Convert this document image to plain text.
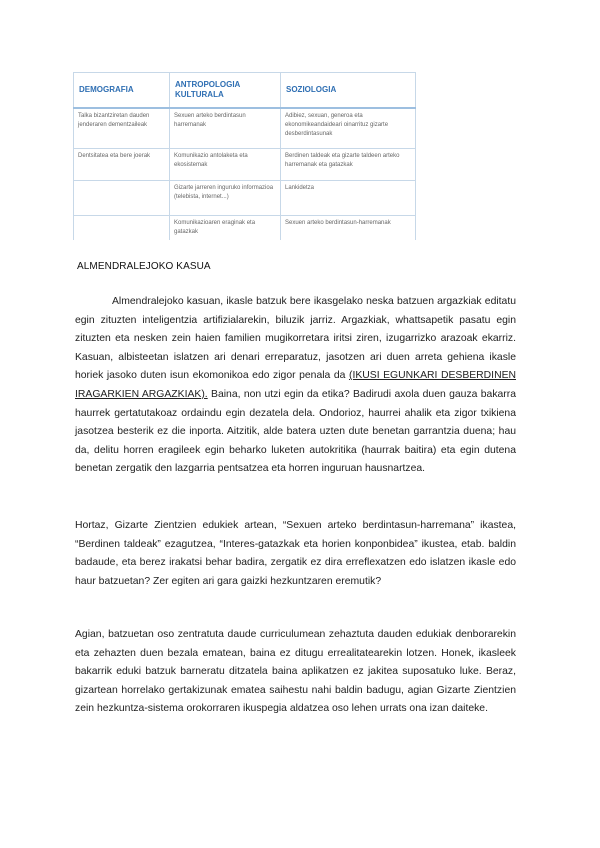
DEMOGRAFIA	ANTROPOLOGIA KULTURALA	SOZIOLOGIA
Talka bizantziretan dauden jenderaren dementzaileak	Sexuen arteko berdintasun harremanak	Adibiez, sexuan, generoa eta ekonomikeandaideari oinarrituz gizarte desberdintasunak
Dentsitatea eta bere joerak	Komunikazio antolaketa eta ekosistemak	Berdinen taldeak eta gizarte taldeen arteko harremanak eta gatazkak
	Gizarte jarreren inguruko informazioa (telebista, internet...)	Lankidetza
	Komunikazioaren eraginak eta gatazkak	Sexuen arteko berdintasun-harremanak
ALMENDRALEJOKO KASUA

Almendralejoko kasuan, ikasle batzuk bere ikasgelako neska batzuen argazkiak editatu egin zituzten inteligentzia artifizialarekin, biluzik jarriz. Argazkiak, whattsapetik pasatu egin zituzten eta nesken zein haien familien mugikorretara iritsi ziren, izugarrizko arazoak ekarriz. Kasuan, albisteetan islatzen ari denari erreparatuz, jasotzen ari duen arreta gehiena ikasle horiek jasoko duten isun ekomonikoa edo zigor penala da (IKUSI EGUNKARI DESBERDINEN IRAGARKIEN ARGAZKIAK). Baina, non utzi egin da etika? Badirudi axola duen gauza bakarra haurrek gertatutakoaz ordaindu egin dezatela dela. Ondorioz, haurrei ahalik eta zigor txikiena jasotzea besterik ez die inporta. Aitzitik, alde batera uzten dute benetan garrantzia duena; hau da, delitu horren eragileek egin beharko luketen autokritika (haurrak baitira) eta egin dutena benetan zergatik den lazgarria pentsatzea eta horren inguruan hausnartzea.

Hortaz, Gizarte Zientzien edukiek artean, “Sexuen arteko berdintasun-harremana” ikastea, “Berdinen taldeak” ezagutzea, “Interes-gatazkak eta horien konponbidea” ikustea, etab. baldin badaude, eta berez irakatsi behar badira, zergatik ez dira erreflexatzen edo islatzen ikasle edo haur batzuetan? Zer egiten ari gara gaizki hezkuntzaren eremutik?

Agian, batzuetan oso zentratuta daude curriculumean zehaztuta dauden edukiak denborarekin eta zehazten duen bezala ematean, baina ez ditugu errealitatearekin lotzen. Honek, ikasleek bakarrik eduki batzuk barneratu ditzatela baina aplikatzen ez jakitea suposatuko luke. Beraz, gizartean horrelako gertakizunak ematea saihestu nahi baldin badugu, agian Gizarte Zientzien zein hezkuntza-sistema orokorraren ikuspegia aldatzea oso lehen urrats ona izan daiteke.
